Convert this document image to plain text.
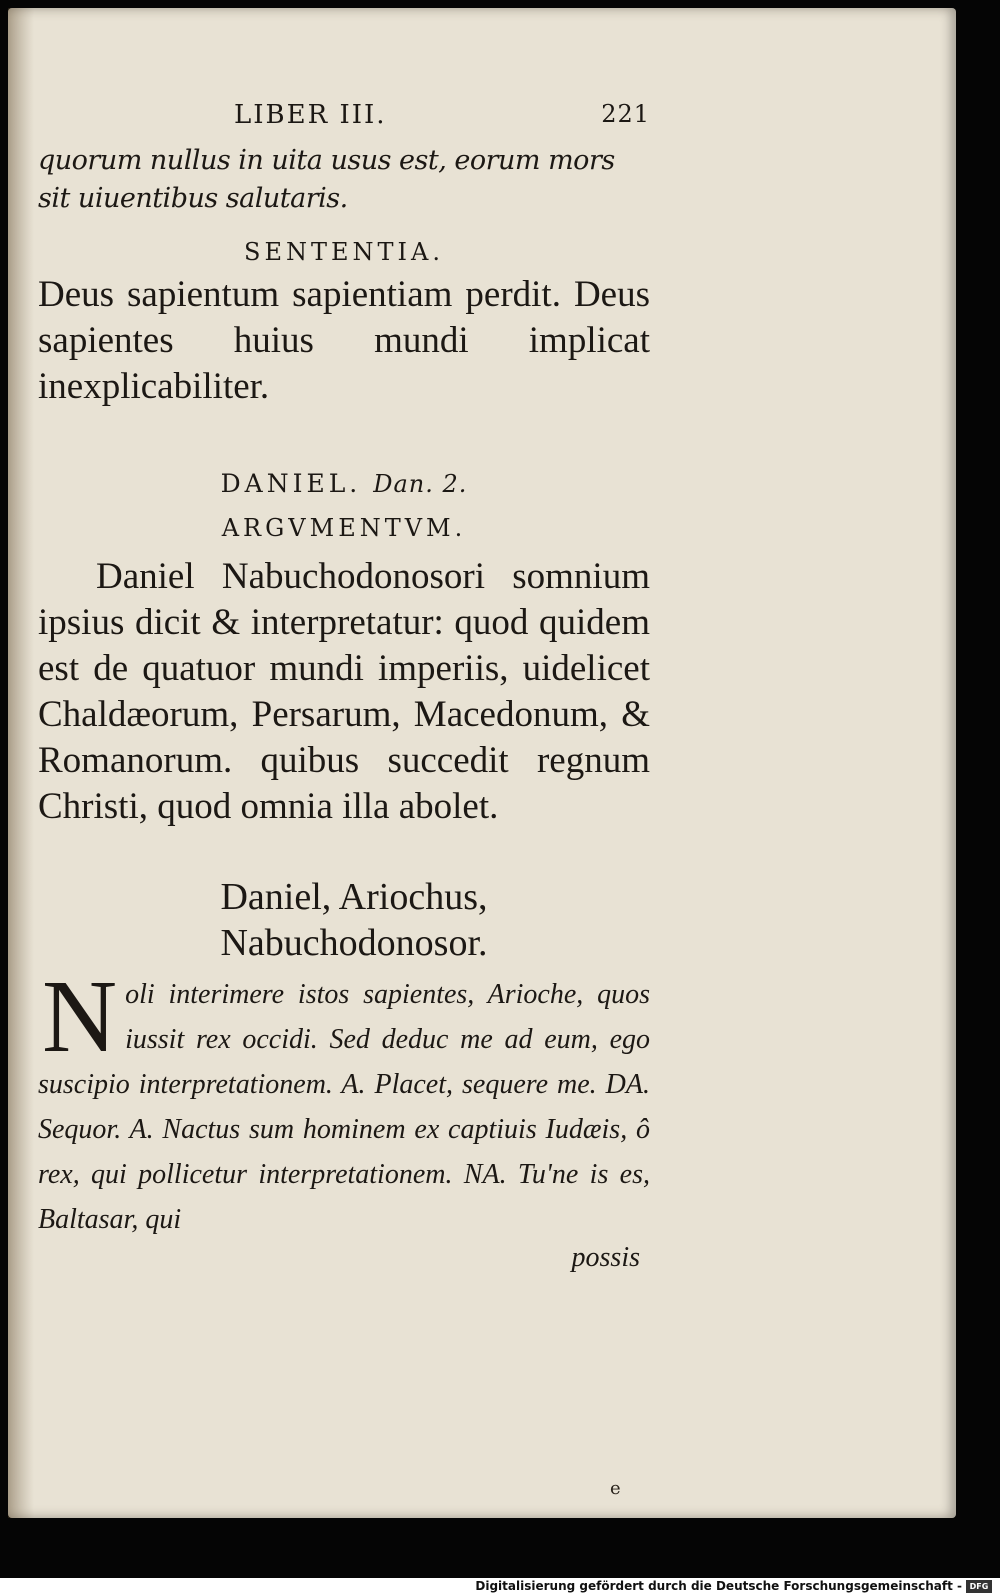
LIBER III.	221
quorum nullus in uita usus est, eorum mors sit uiuentibus salutaris.
SENTENTIA.
Deus sapientum sapientiam perdit. Deus sapientes huius mundi implicat inexplicabiliter.
DANIEL. Dan. 2.
ARGVMENTVM.
Daniel Nabuchodonosori somnium ipsius dicit & interpretatur: quod quidem est de quatuor mundi imperiis, uidelicet Chaldæorum, Persarum, Macedonum, & Romanorum. quibus succedit regnum Christi, quod omnia illa abolet.
Daniel, Ariochus, Nabuchodonosor.
N oli interimere istos sapientes, Arioche, quos iussit rex occidi. Sed deduc me ad eum, ego suscipio interpretationem. A. Placet, sequere me. DA. Sequor. A. Nactus sum hominem ex captiuis Iudæis, ô rex, qui pollicetur interpretationem. NA. Tu'ne is es, Baltasar, qui
possis
e
Digitalisierung gefördert durch die Deutsche Forschungsgemeinschaft - DFG
